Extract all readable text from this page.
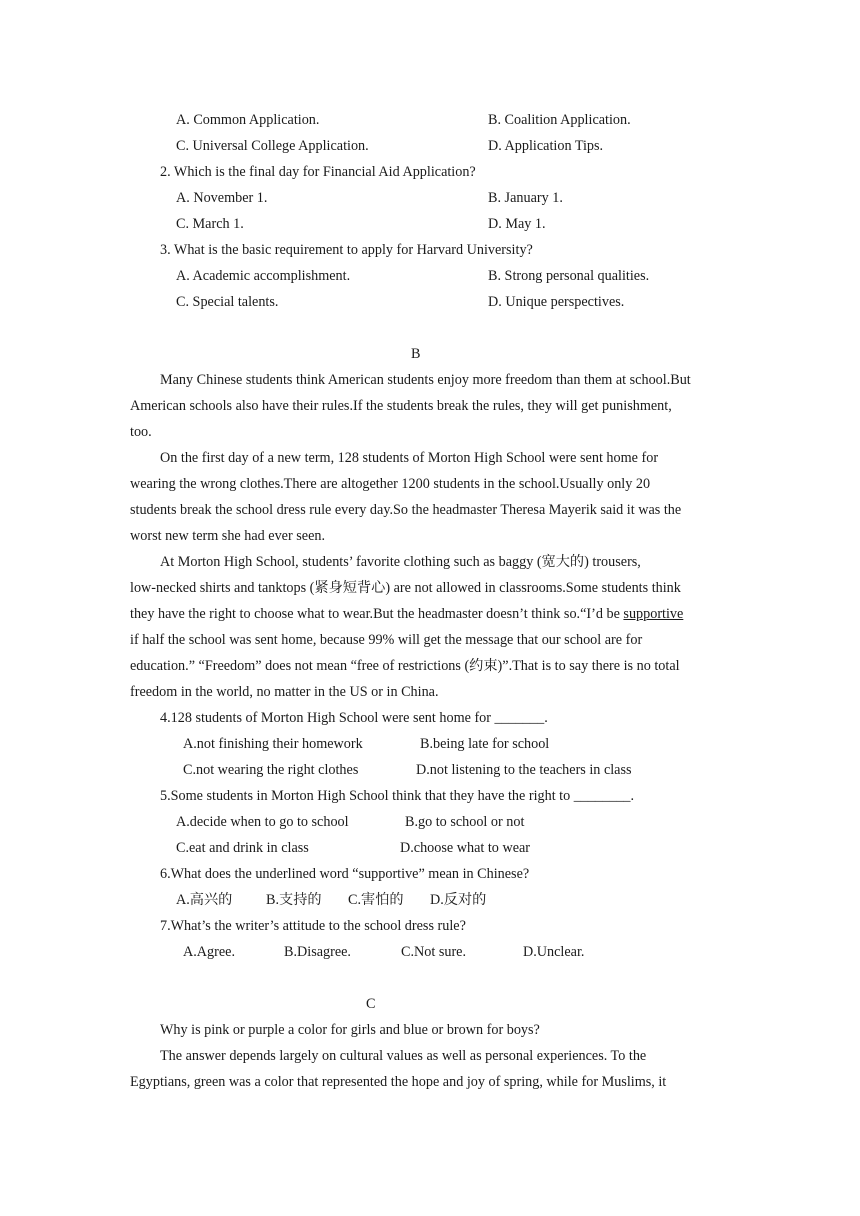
A. Common Application.	B. Coalition Application.
C. Universal College Application.	D. Application Tips.
2. Which is the final day for Financial Aid Application?
A. November 1.	B. January 1.
C. March 1.	D. May 1.
3. What is the basic requirement to apply for Harvard University?
A. Academic accomplishment.	B. Strong personal qualities.
C. Special talents.	D. Unique perspectives.
B
Many Chinese students think American students enjoy more freedom than them at school.But
American schools also have their rules.If the students break the rules, they will get punishment,
too.
On the first day of a new term, 128 students of Morton High School were sent home for
wearing the wrong clothes.There are altogether 1200 students in the school.Usually only 20
students break the school dress rule every day.So the headmaster Theresa Mayerik said it was the
worst new term she had ever seen.
At Morton High School, students’ favorite clothing such as baggy (宽大的) trousers,
low-necked shirts and tanktops (紧身短背心) are not allowed in classrooms.Some students think
they have the right to choose what to wear.But the headmaster doesn’t think so.“I’d be supportive
if half the school was sent home, because 99% will get the message that our school are for
education.” “Freedom” does not mean “free of restrictions (约束)”.That is to say there is no total
freedom in the world, no matter in the US or in China.
4.128 students of Morton High School were sent home for _______.
A.not finishing their homework	B.being late for school
C.not wearing the right clothes	D.not listening to the teachers in class
5.Some students in Morton High School think that they have the right to ________.
A.decide when to go to school	B.go to school or not
C.eat and drink in class	D.choose what to wear
6.What does the underlined word “supportive” mean in Chinese?
A.高兴的 B.支持的 C.害怕的 D.反对的
7.What’s the writer’s attitude to the school dress rule?
A.Agree.	B.Disagree.	C.Not sure.	D.Unclear.
C
Why is pink or purple a color for girls and blue or brown for boys?
The answer depends largely on cultural values as well as personal experiences. To the
Egyptians, green was a color that represented the hope and joy of spring, while for Muslims, it
